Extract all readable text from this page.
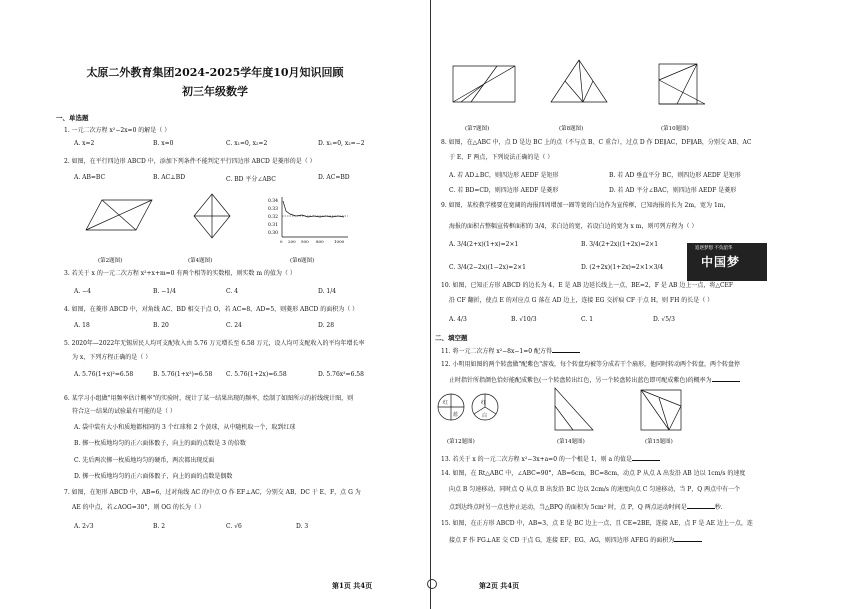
太原二外教育集团2024-2025学年度10月知识回顾
初三年级数学
一、单选题
1. 一元二次方程 x²−2x=0 的解是（ ）
A. x=2	B. x=0	C. x₁=0, x₂=2	D. x₁=0, x₂=−2
2. 如图，在平行四边形 ABCD 中，添加下列条件不能判定平行四边形 ABCD 是菱形的是（ ）
A. AB=BC	B. AC⊥BD	C. BD 平分∠ABC	D. AC=BD
0.34
0.33
0.32
0.31
0.30
0 200 500 800	1000
(第2题图)	(第4题图)	(第6题图)
3. 若关于 x 的一元二次方程 x²+x+m=0 有两个相等的实数根，则实数 m 的值为（ ）
A. −4	B. −1/4	C. 4	D. 1/4
4. 如图，在菱形 ABCD 中，对角线 AC、BD 相交于点 O，若 AC=8，AD=5，则菱形 ABCD 的面积为（ ）
A. 18	B. 20	C. 24	D. 28
5. 2020年—2022年无锡居民人均可支配收入由 5.76 万元增长至 6.58 万元，设人均可支配收入的平均年增长率
为 x，下列方程正确的是（ ）
A. 5.76(1+x)²=6.58	B. 5.76(1+x²)=6.58 C. 5.76(1+2x)=6.58	D. 5.76x²=6.58
6. 某学习小组做"用频率估计概率"的实验时，统计了某一结果出现的频率，绘制了如图所示的折线统计图，则
符合这一结果的试验最有可能的是（ ）
A. 袋中装有大小和质地都相同的 3 个红球和 2 个黄球，从中随机取一个，取到红球
B. 掷一枚质地均匀的正六面体骰子，向上的面的点数是 3 的倍数
C. 先后两次掷一枚质地均匀的硬币，两次都出现反面
D. 掷一枚质地均匀的正六面体骰子，向上的面的点数是偶数
7. 如图，在矩形 ABCD 中，AB=6，过对角线 AC 的中点 O 作 EF⊥AC，分别交 AB、DC 于 E、F，点 G 为
AE 的中点，若∠AOG=30°，则 OG 的长为（ ）
A. 2√3	B. 2	C. √6	D. 3
第1页 共4页
(第7题图)	(第8题图)	(第10题图)
8. 如图，在△ABC 中，点 D 是边 BC 上的点（不与点 B、C 重合），过点 D 作 DE∥AC，DF∥AB，分别交 AB、AC
于 E、F 两点，下列说法正确的是（ ）
A. 若 AD⊥BC，则四边形 AEDF 是矩形	B. 若 AD 垂直平分 BC，则四边形 AEDF 是矩形
C. 若 BD=CD，则四边形 AEDF 是菱形	D. 若 AD 平分∠BAC，则四边形 AEDF 是菱形
9. 如图，某校教学楼要在宽阔的海报四周增加一圈等宽的白边作为宣传框，已知海报的长为 2m，宽为 1m，
海报的面积占整幅宣传框面积的 3/4，求白边的宽，若设白边的宽为 x m，则可列方程为（ ）
A. 3/4(2+x)(1+x)=2×1	B. 3/4(2+2x)(1+2x)=2×1
C. 3/4(2−2x)(1−2x)=2×1	D. (2+2x)(1+2x)=2×1×3/4
10. 如图，已知正方形 ABCD 的边长为 4，E 是 AB 边延长线上一点，BE=2，F 是 AB 边上一点，将△CEF
沿 CF 翻折，使点 E 的对应点 G 落在 AD 边上，连接 EG 交折痕 CF 于点 H，则 FH 的长是（ ）
A. 4/3	B. √10/3	C. 1	D. √5/3
二、填空题
11. 将一元二次方程 x²−8x−1=0 配方得
12. 小明用如图的两个转盘做"配紫色"游戏，每个转盘均被等分成若干个扇形，他同时转动两个转盘，两个转盘停
止时指针所指颜色恰好能配成紫色(一个转盘转出红色，另一个转盘转出蓝色即可配成紫色)的概率为
红
蓝
红
白
(第12题图)	(第14题图)	(第15题图)
13. 若关于 x 的一元二次方程 x²−3x+a=0 的一个根是 1，则 a 的值是
14. 如图，在 Rt△ABC 中，∠ABC=90°，AB=6cm，BC=8cm，动点 P 从点 A 出发沿 AB 边以 1cm/s 的速度
向点 B 匀速移动，同时点 Q 从点 B 出发沿 BC 边以 2cm/s 的速度向点 C 匀速移动，当 P，Q 两点中有一个
点到达终点时另一点也停止运动，当△BPQ 的面积为 5cm² 时，点 P，Q 两点运动时间是	秒.
15. 如图，在正方形 ABCD 中，AB=3，点 E 是 BC 边上一点，且 CE=2BE，连接 AE，点 F 是 AE 边上一点，连
接点 F 作 FG⊥AE 交 CD 于点 G，连接 EF、EG、AG，则四边形 AFEG 的面积为
第2页 共4页
追逐梦想 不负韶华
中国梦
